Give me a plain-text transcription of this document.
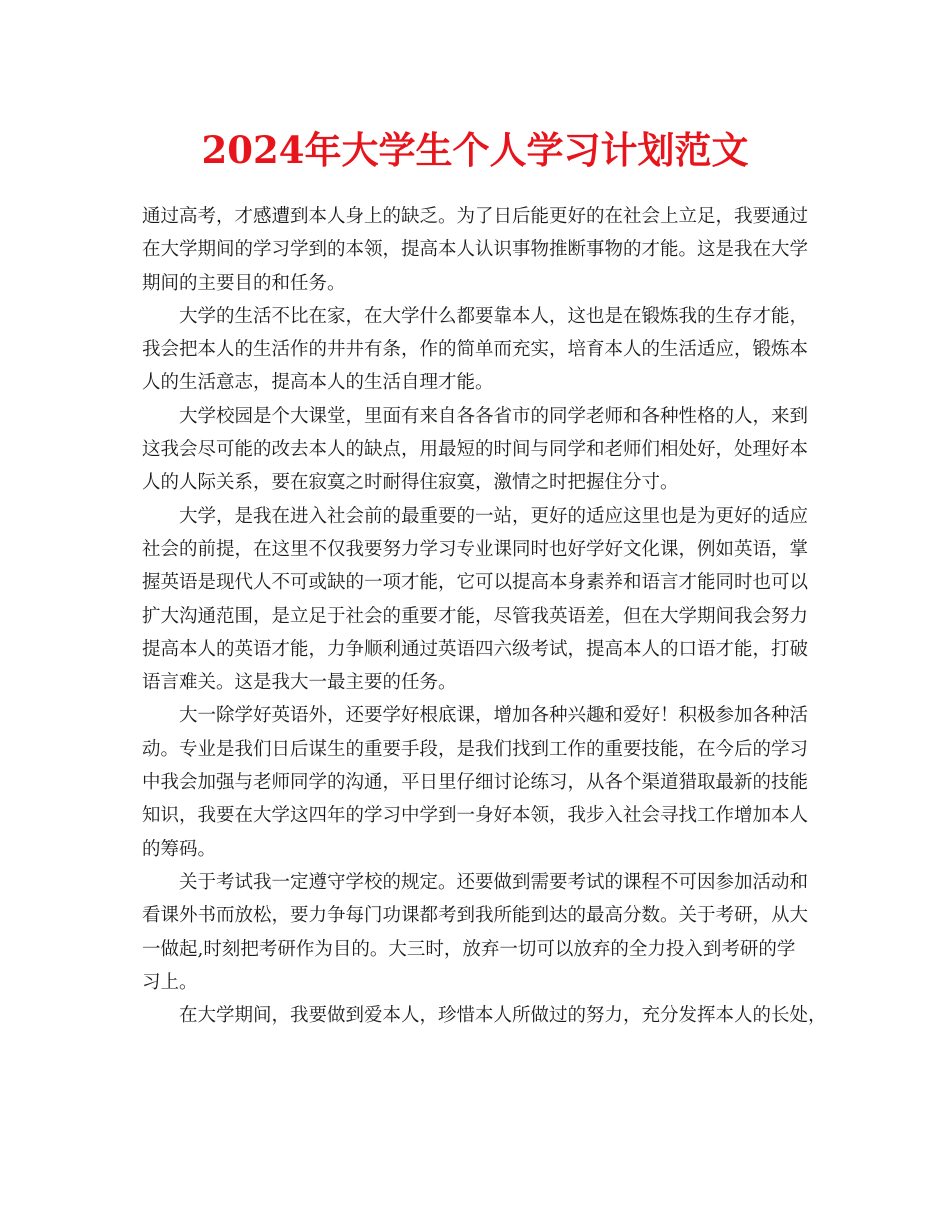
2024年大学生个人学习计划范文
通过高考，才感遭到本人身上的缺乏。为了日后能更好的在社会上立足，我要通过
在大学期间的学习学到的本领，提高本人认识事物推断事物的才能。这是我在大学
期间的主要目的和任务。
大学的生活不比在家，在大学什么都要靠本人，这也是在锻炼我的生存才能，
我会把本人的生活作的井井有条，作的简单而充实，培育本人的生活适应，锻炼本
人的生活意志，提高本人的生活自理才能。
大学校园是个大课堂，里面有来自各各省市的同学老师和各种性格的人，来到
这我会尽可能的改去本人的缺点，用最短的时间与同学和老师们相处好，处理好本
人的人际关系，要在寂寞之时耐得住寂寞，激情之时把握住分寸。
大学，是我在进入社会前的最重要的一站，更好的适应这里也是为更好的适应
社会的前提，在这里不仅我要努力学习专业课同时也好学好文化课，例如英语，掌
握英语是现代人不可或缺的一项才能，它可以提高本身素养和语言才能同时也可以
扩大沟通范围，是立足于社会的重要才能，尽管我英语差，但在大学期间我会努力
提高本人的英语才能，力争顺利通过英语四六级考试，提高本人的口语才能，打破
语言难关。这是我大一最主要的任务。
大一除学好英语外，还要学好根底课，增加各种兴趣和爱好！积极参加各种活
动。专业是我们日后谋生的重要手段，是我们找到工作的重要技能，在今后的学习
中我会加强与老师同学的沟通，平日里仔细讨论练习，从各个渠道猎取最新的技能
知识，我要在大学这四年的学习中学到一身好本领，我步入社会寻找工作增加本人
的筹码。
关于考试我一定遵守学校的规定。还要做到需要考试的课程不可因参加活动和
看课外书而放松，要力争每门功课都考到我所能到达的最高分数。关于考研，从大
一做起,时刻把考研作为目的。大三时，放弃一切可以放弃的全力投入到考研的学
习上。
在大学期间，我要做到爱本人，珍惜本人所做过的努力，充分发挥本人的长处，
